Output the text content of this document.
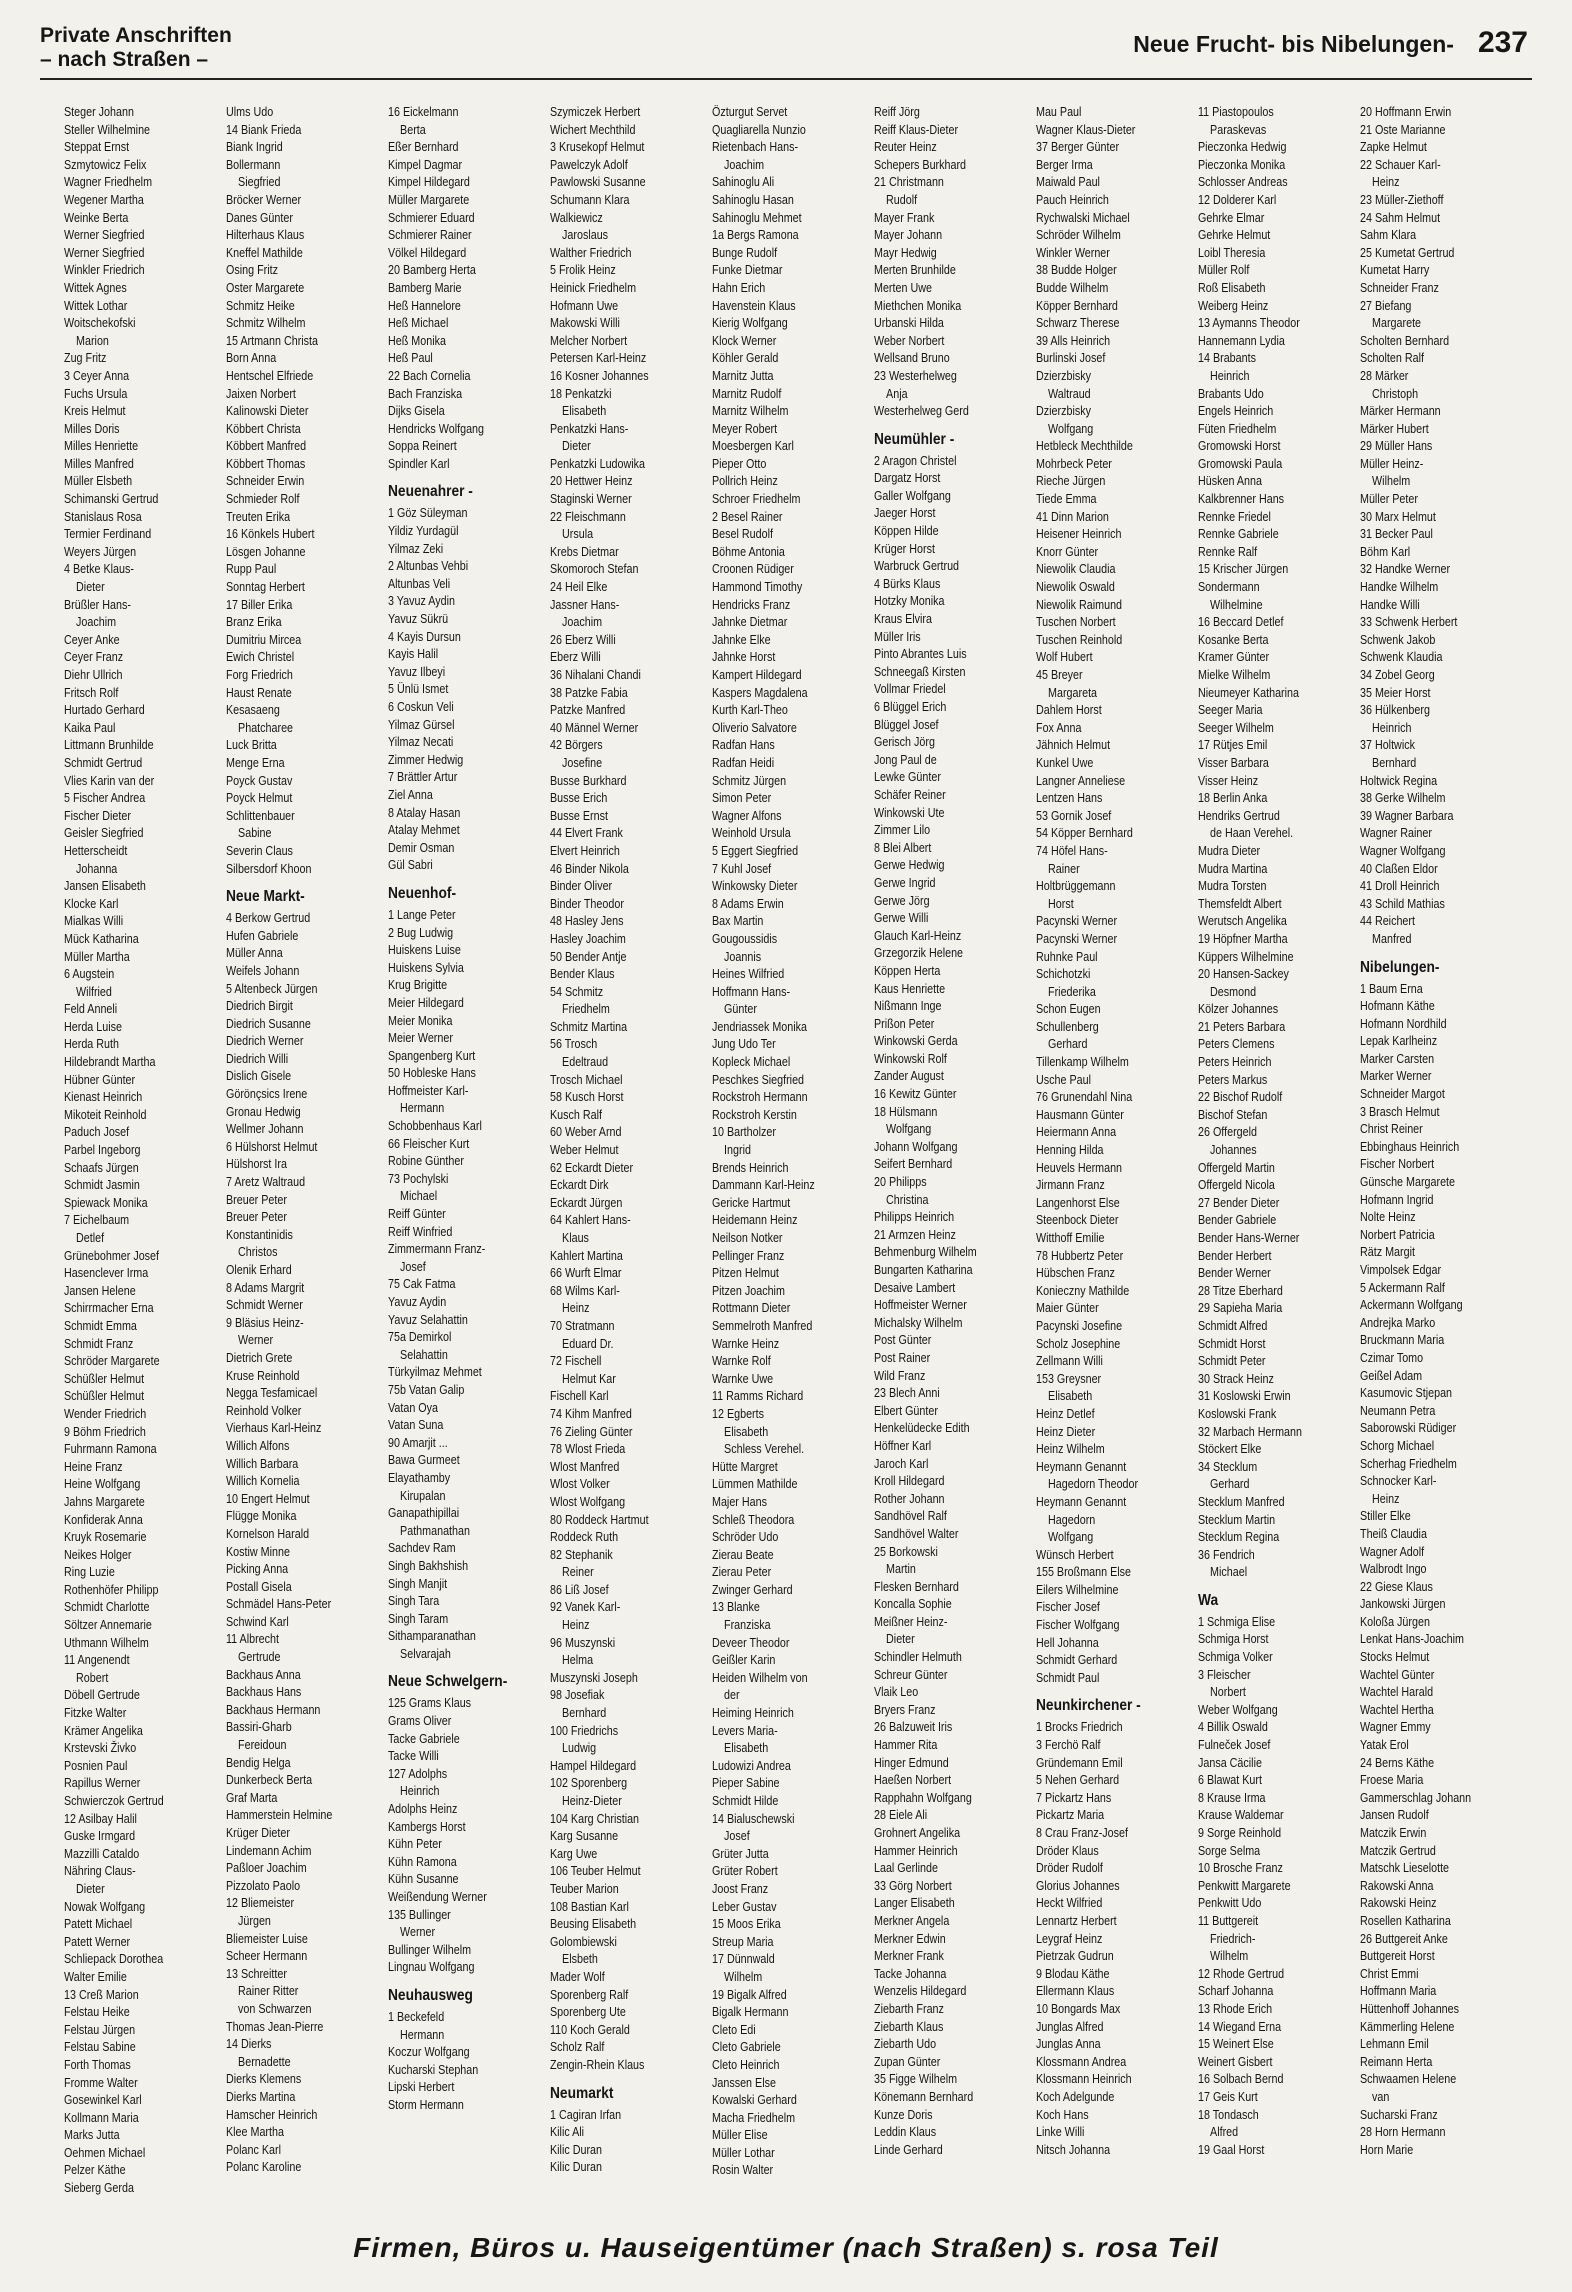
Private Anschriften
– nach Straßen –
Neue Frucht- bis Nibelungen- 237
Steger Johann
Steller Wilhelmine
Steppat Ernst
Szmytowicz Felix
Wagner Friedhelm
Wegener Martha
Weinke Berta
Werner Siegfried
Werner Siegfried
Winkler Friedrich
Wittek Agnes
Wittek Lothar
Woitschekofski
Marion
Zug Fritz
3 Ceyer Anna
Fuchs Ursula
Kreis Helmut
Milles Doris
Milles Henriette
Milles Manfred
Müller Elsbeth
Schimanski Gertrud
Stanislaus Rosa
Termier Ferdinand
Weyers Jürgen
4 Betke Klaus-
Dieter
Brüßler Hans-
Joachim
Ceyer Anke
Ceyer Franz
Diehr Ullrich
Fritsch Rolf
Hurtado Gerhard
Kaika Paul
Littmann Brunhilde
Schmidt Gertrud
Vlies Karin van der
5 Fischer Andrea
Fischer Dieter
Geisler Siegfried
Hetterscheidt
Johanna
Jansen Elisabeth
Klocke Karl
Mialkas Willi
Mück Katharina
Müller Martha
6 Augstein
Wilfried
Feld Anneli
Herda Luise
Herda Ruth
Hildebrandt Martha
Hübner Günter
Kienast Heinrich
Mikoteit Reinhold
Paduch Josef
Parbel Ingeborg
Schaafs Jürgen
Schmidt Jasmin
Spiewack Monika
7 Eichelbaum
Detlef
Grünebohmer Josef
Hasenclever Irma
Jansen Helene
Schirrmacher Erna
Schmidt Emma
Schmidt Franz
Schröder Margarete
Schüßler Helmut
Schüßler Helmut
Wender Friedrich
9 Böhm Friedrich
Fuhrmann Ramona
Heine Franz
Heine Wolfgang
Jahns Margarete
Konfiderak Anna
Kruyk Rosemarie
Neikes Holger
Ring Luzie
Rothenhöfer Philipp
Schmidt Charlotte
Söltzer Annemarie
Uthmann Wilhelm
11 Angenendt
Robert
Döbell Gertrude
Fitzke Walter
Krämer Angelika
Krstevski Živko
Posnien Paul
Rapillus Werner
Schwierczok Gertrud
12 Asilbay Halil
Guske Irmgard
Mazzilli Cataldo
Nähring Claus-
Dieter
Nowak Wolfgang
Patett Michael
Patett Werner
Schliepack Dorothea
Walter Emilie
13 Creß Marion
Felstau Heike
Felstau Jürgen
Felstau Sabine
Forth Thomas
Fromme Walter
Gosewinkel Karl
Kollmann Maria
Marks Jutta
Oehmen Michael
Pelzer Käthe
Sieberg Gerda
Ulms Udo
14 Biank Frieda
Biank Ingrid
Bollermann
Siegfried
Bröcker Werner
Danes Günter
Hilterhaus Klaus
Kneffel Mathilde
Osing Fritz
Oster Margarete
Schmitz Heike
Schmitz Wilhelm
15 Artmann Christa
Born Anna
Hentschel Elfriede
Jaixen Norbert
Kalinowski Dieter
Köbbert Christa
Köbbert Manfred
Köbbert Thomas
Schneider Erwin
Schmieder Rolf
Treuten Erika
16 Könkels Hubert
Lösgen Johanne
Rupp Paul
Sonntag Herbert
17 Biller Erika
Branz Erika
Dumitriu Mircea
Ewich Christel
Forg Friedrich
Haust Renate
Kesasaeng
Phatcharee
Luck Britta
Menge Erna
Poyck Gustav
Poyck Helmut
Schlittenbauer
Sabine
Severin Claus
Silbersdorf Khoon
Neue Markt-
4 Berkow Gertrud
Hufen Gabriele
Müller Anna
Weifels Johann
5 Altenbeck Jürgen
Diedrich Birgit
Diedrich Susanne
Diedrich Werner
Diedrich Willi
Dislich Gisele
Görönçsics Irene
Gronau Hedwig
Wellmer Johann
6 Hülshorst Helmut
Hülshorst Ira
7 Aretz Waltraud
Breuer Peter
Breuer Peter
Konstantinidis
Christos
Olenik Erhard
8 Adams Margrit
Schmidt Werner
9 Bläsius Heinz-
Werner
Dietrich Grete
Kruse Reinhold
Negga Tesfamicael
Reinhold Volker
Vierhaus Karl-Heinz
Willich Alfons
Willich Barbara
Willich Kornelia
10 Engert Helmut
Flügge Monika
Kornelson Harald
Kostiw Minne
Picking Anna
Postall Gisela
Schmädel Hans-Peter
Schwind Karl
11 Albrecht
Gertrude
Backhaus Anna
Backhaus Hans
Backhaus Hermann
Bassiri-Gharb
Fereidoun
Bendig Helga
Dunkerbeck Berta
Graf Marta
Hammerstein Helmine
Krüger Dieter
Lindemann Achim
Paßloer Joachim
Pizzolato Paolo
12 Bliemeister
Jürgen
Bliemeister Luise
Scheer Hermann
13 Schreitter
Rainer Ritter
von Schwarzen
Thomas Jean-Pierre
14 Dierks
Bernadette
Dierks Klemens
Dierks Martina
Hamscher Heinrich
Klee Martha
Polanc Karl
Polanc Karoline
16 Eickelmann
Berta
Eßer Bernhard
Kimpel Dagmar
Kimpel Hildegard
Müller Margarete
Schmierer Eduard
Schmierer Rainer
Völkel Hildegard
20 Bamberg Herta
Bamberg Marie
Heß Hannelore
Heß Michael
Heß Monika
Heß Paul
22 Bach Cornelia
Bach Franziska
Dijks Gisela
Hendricks Wolfgang
Soppa Reinert
Spindler Karl
Neuenahrer -
1 Göz Süleyman
Yildiz Yurdagül
Yilmaz Zeki
2 Altunbas Vehbi
Altunbas Veli
3 Yavuz Aydin
Yavuz Sükrü
4 Kayis Dursun
Kayis Halil
Yavuz Ilbeyi
5 Ünlü Ismet
6 Coskun Veli
Yilmaz Gürsel
Yilmaz Necati
Zimmer Hedwig
7 Brättler Artur
Ziel Anna
8 Atalay Hasan
Atalay Mehmet
Demir Osman
Gül Sabri
Neuenhof-
1 Lange Peter
2 Bug Ludwig
Huiskens Luise
Huiskens Sylvia
Krug Brigitte
Meier Hildegard
Meier Monika
Meier Werner
Spangenberg Kurt
50 Hobleske Hans
Hoffmeister Karl-
Hermann
Schobbenhaus Karl
66 Fleischer Kurt
Robine Günther
73 Pochylski
Michael
Reiff Günter
Reiff Winfried
Zimmermann Franz-
Josef
75 Cak Fatma
Yavuz Aydin
Yavuz Selahattin
75a Demirkol
Selahattin
Türkyilmaz Mehmet
75b Vatan Galip
Vatan Oya
Vatan Suna
90 Amarjit ...
Bawa Gurmeet
Elayathamby
Kirupalan
Ganapathipillai
Pathmanathan
Sachdev Ram
Singh Bakhshish
Singh Manjit
Singh Tara
Singh Taram
Sithamparanathan
Selvarajah
Neue Schwelgern-
125 Grams Klaus
Grams Oliver
Tacke Gabriele
Tacke Willi
127 Adolphs
Heinrich
Adolphs Heinz
Kambergs Horst
Kühn Peter
Kühn Ramona
Kühn Susanne
Weißendung Werner
135 Bullinger
Werner
Bullinger Wilhelm
Lingnau Wolfgang
Neuhausweg
1 Beckefeld
Hermann
Koczur Wolfgang
Kucharski Stephan
Lipski Herbert
Storm Hermann
Szymiczek Herbert
Wichert Mechthild
3 Krusekopf Helmut
Pawelczyk Adolf
Pawlowski Susanne
Schumann Klara
Walkiewicz
Jaroslaus
Walther Friedrich
5 Frolik Heinz
Heinick Friedhelm
Hofmann Uwe
Makowski Willi
Melcher Norbert
Petersen Karl-Heinz
16 Kosner Johannes
18 Penkatzki
Elisabeth
Penkatzki Hans-
Dieter
Penkatzki Ludowika
20 Hettwer Heinz
Staginski Werner
22 Fleischmann
Ursula
Krebs Dietmar
Skomoroch Stefan
24 Heil Elke
Jassner Hans-
Joachim
26 Eberz Willi
Eberz Willi
36 Nihalani Chandi
38 Patzke Fabia
Patzke Manfred
40 Männel Werner
42 Börgers
Josefine
Busse Burkhard
Busse Erich
Busse Ernst
44 Elvert Frank
Elvert Heinrich
46 Binder Nikola
Binder Oliver
Binder Theodor
48 Hasley Jens
Hasley Joachim
50 Bender Antje
Bender Klaus
54 Schmitz
Friedhelm
Schmitz Martina
56 Trosch
Edeltraud
Trosch Michael
58 Kusch Horst
Kusch Ralf
60 Weber Arnd
Weber Helmut
62 Eckardt Dieter
Eckardt Dirk
Eckardt Jürgen
64 Kahlert Hans-
Klaus
Kahlert Martina
66 Wurft Elmar
68 Wilms Karl-
Heinz
70 Stratmann
Eduard Dr.
72 Fischell
Helmut Kar
Fischell Karl
74 Kihm Manfred
76 Zieling Günter
78 Wlost Frieda
Wlost Manfred
Wlost Volker
Wlost Wolfgang
80 Roddeck Hartmut
Roddeck Ruth
82 Stephanik
Reiner
86 Liß Josef
92 Vanek Karl-
Heinz
96 Muszynski
Helma
Muszynski Joseph
98 Josefiak
Bernhard
100 Friedrichs
Ludwig
Hampel Hildegard
102 Sporenberg
Heinz-Dieter
104 Karg Christian
Karg Susanne
Karg Uwe
106 Teuber Helmut
Teuber Marion
108 Bastian Karl
Beusing Elisabeth
Golombiewski
Elsbeth
Mader Wolf
Sporenberg Ralf
Sporenberg Ute
110 Koch Gerald
Scholz Ralf
Zengin-Rhein Klaus
Neumarkt
1 Cagiran Irfan
Kilic Ali
Kilic Duran
Kilic Duran
Özturgut Servet
Quagliarella Nunzio
Rietenbach Hans-
Joachim
Sahinoglu Ali
Sahinoglu Hasan
Sahinoglu Mehmet
1a Bergs Ramona
Bunge Rudolf
Funke Dietmar
Hahn Erich
Havenstein Klaus
Kierig Wolfgang
Klock Werner
Köhler Gerald
Marnitz Jutta
Marnitz Rudolf
Marnitz Wilhelm
Meyer Robert
Moesbergen Karl
Pieper Otto
Pollrich Heinz
Schroer Friedhelm
2 Besel Rainer
Besel Rudolf
Böhme Antonia
Croonen Rüdiger
Hammond Timothy
Hendricks Franz
Jahnke Dietmar
Jahnke Elke
Jahnke Horst
Kampert Hildegard
Kaspers Magdalena
Kurth Karl-Theo
Oliverio Salvatore
Radfan Hans
Radfan Heidi
Schmitz Jürgen
Simon Peter
Wagner Alfons
Weinhold Ursula
5 Eggert Siegfried
7 Kuhl Josef
Winkowsky Dieter
8 Adams Erwin
Bax Martin
Gougoussidis
Joannis
Heines Wilfried
Hoffmann Hans-
Günter
Jendriassek Monika
Jung Udo Ter
Kopleck Michael
Peschkes Siegfried
Rockstroh Hermann
Rockstroh Kerstin
10 Bartholzer
Ingrid
Brends Heinrich
Dammann Karl-Heinz
Gericke Hartmut
Heidemann Heinz
Neilson Notker
Pellinger Franz
Pitzen Helmut
Pitzen Joachim
Rottmann Dieter
Semmelroth Manfred
Warnke Heinz
Warnke Rolf
Warnke Uwe
11 Ramms Richard
12 Egberts
Elisabeth
Schless Verehel.
Hütte Margret
Lümmen Mathilde
Majer Hans
Schleß Theodora
Schröder Udo
Zierau Beate
Zierau Peter
Zwinger Gerhard
13 Blanke
Franziska
Deveer Theodor
Geißler Karin
Heiden Wilhelm von
der
Heiming Heinrich
Levers Maria-
Elisabeth
Ludowizi Andrea
Pieper Sabine
Schmidt Hilde
14 Bialuschewski
Josef
Grüter Jutta
Grüter Robert
Joost Franz
Leber Gustav
15 Moos Erika
Streup Maria
17 Dünnwald
Wilhelm
19 Bigalk Alfred
Bigalk Hermann
Cleto Edi
Cleto Gabriele
Cleto Heinrich
Janssen Else
Kowalski Gerhard
Macha Friedhelm
Müller Elise
Müller Lothar
Rosin Walter
Reiff Jörg
Reiff Klaus-Dieter
Reuter Heinz
Schepers Burkhard
21 Christmann
Rudolf
Mayer Frank
Mayer Johann
Mayr Hedwig
Merten Brunhilde
Merten Uwe
Miethchen Monika
Urbanski Hilda
Weber Norbert
Wellsand Bruno
23 Westerhelweg
Anja
Westerhelweg Gerd
Neumühler -
2 Aragon Christel
Dargatz Horst
Galler Wolfgang
Jaeger Horst
Köppen Hilde
Krüger Horst
Warbruck Gertrud
4 Bürks Klaus
Hotzky Monika
Kraus Elvira
Müller Iris
Pinto Abrantes Luis
Schneegaß Kirsten
Vollmar Friedel
6 Blüggel Erich
Blüggel Josef
Gerisch Jörg
Jong Paul de
Lewke Günter
Schäfer Reiner
Winkowski Ute
Zimmer Lilo
8 Blei Albert
Gerwe Hedwig
Gerwe Ingrid
Gerwe Jörg
Gerwe Willi
Glauch Karl-Heinz
Grzegorzik Helene
Köppen Herta
Kaus Henriette
Nißmann Inge
Prißon Peter
Winkowski Gerda
Winkowski Rolf
Zander August
16 Kewitz Günter
18 Hülsmann
Wolfgang
Johann Wolfgang
Seifert Bernhard
20 Philipps
Christina
Philipps Heinrich
21 Armzen Heinz
Behmenburg Wilhelm
Bungarten Katharina
Desaive Lambert
Hoffmeister Werner
Michalsky Wilhelm
Post Günter
Post Rainer
Wild Franz
23 Blech Anni
Elbert Günter
Henkelüdecke Edith
Höffner Karl
Jaroch Karl
Kroll Hildegard
Rother Johann
Sandhövel Ralf
Sandhövel Walter
25 Borkowski
Martin
Flesken Bernhard
Koncalla Sophie
Meißner Heinz-
Dieter
Schindler Helmuth
Schreur Günter
Vlaik Leo
Bryers Franz
26 Balzuweit Iris
Hammer Rita
Hinger Edmund
Haeßen Norbert
Rapphahn Wolfgang
28 Eiele Ali
Grohnert Angelika
Hammer Heinrich
Laal Gerlinde
33 Görg Norbert
Langer Elisabeth
Merkner Angela
Merkner Edwin
Merkner Frank
Tacke Johanna
Wenzelis Hildegard
Ziebarth Franz
Ziebarth Klaus
Ziebarth Udo
Zupan Günter
35 Figge Wilhelm
Könemann Bernhard
Kunze Doris
Leddin Klaus
Linde Gerhard
Mau Paul
Wagner Klaus-Dieter
37 Berger Günter
Berger Irma
Maiwald Paul
Pauch Heinrich
Rychwalski Michael
Schröder Wilhelm
Winkler Werner
38 Budde Holger
Budde Wilhelm
Köpper Bernhard
Schwarz Therese
39 Alls Heinrich
Burlinski Josef
Dzierzbisky
Waltraud
Dzierzbisky
Wolfgang
Hetbleck Mechthilde
Mohrbeck Peter
Rieche Jürgen
Tiede Emma
41 Dinn Marion
Heisener Heinrich
Knorr Günter
Niewolik Claudia
Niewolik Oswald
Niewolik Raimund
Tuschen Norbert
Tuschen Reinhold
Wolf Hubert
45 Breyer
Margareta
Dahlem Horst
Fox Anna
Jähnich Helmut
Kunkel Uwe
Langner Anneliese
Lentzen Hans
53 Gornik Josef
54 Köpper Bernhard
74 Höfel Hans-
Rainer
Holtbrüggemann
Horst
Pacynski Werner
Pacynski Werner
Ruhnke Paul
Schichotzki
Friederika
Schon Eugen
Schullenberg
Gerhard
Tillenkamp Wilhelm
Usche Paul
76 Grunendahl Nina
Hausmann Günter
Heiermann Anna
Henning Hilda
Heuvels Hermann
Jirmann Franz
Langenhorst Else
Steenbock Dieter
Witthoff Emilie
78 Hubbertz Peter
Hübschen Franz
Konieczny Mathilde
Maier Günter
Pacynski Josefine
Scholz Josephine
Zellmann Willi
153 Greysner
Elisabeth
Heinz Detlef
Heinz Dieter
Heinz Wilhelm
Heymann Genannt
Hagedorn Theodor
Heymann Genannt
Hagedorn
Wolfgang
Wünsch Herbert
155 Broßmann Else
Eilers Wilhelmine
Fischer Josef
Fischer Wolfgang
Hell Johanna
Schmidt Gerhard
Schmidt Paul
Neunkirchener -
1 Brocks Friedrich
3 Ferchö Ralf
Gründemann Emil
5 Nehen Gerhard
7 Pickartz Hans
Pickartz Maria
8 Crau Franz-Josef
Dröder Klaus
Dröder Rudolf
Glorius Johannes
Heckt Wilfried
Lennartz Herbert
Leygraf Heinz
Pietrzak Gudrun
9 Blodau Käthe
Ellermann Klaus
10 Bongards Max
Junglas Alfred
Junglas Anna
Klossmann Andrea
Klossmann Heinrich
Koch Adelgunde
Koch Hans
Linke Willi
Nitsch Johanna
11 Piastopoulos
Paraskevas
Pieczonka Hedwig
Pieczonka Monika
Schlosser Andreas
12 Dolderer Karl
Gehrke Elmar
Gehrke Helmut
Loibl Theresia
Müller Rolf
Roß Elisabeth
Weiberg Heinz
13 Aymanns Theodor
Hannemann Lydia
14 Brabants
Heinrich
Brabants Udo
Engels Heinrich
Füten Friedhelm
Gromowski Horst
Gromowski Paula
Hüsken Anna
Kalkbrenner Hans
Rennke Friedel
Rennke Gabriele
Rennke Ralf
15 Krischer Jürgen
Sondermann
Wilhelmine
16 Beccard Detlef
Kosanke Berta
Kramer Günter
Mielke Wilhelm
Nieumeyer Katharina
Seeger Maria
Seeger Wilhelm
17 Rütjes Emil
Visser Barbara
Visser Heinz
18 Berlin Anka
Hendriks Gertrud
de Haan Verehel.
Mudra Dieter
Mudra Martina
Mudra Torsten
Themsfeldt Albert
Werutsch Angelika
19 Höpfner Martha
Küppers Wilhelmine
20 Hansen-Sackey
Desmond
Kölzer Johannes
21 Peters Barbara
Peters Clemens
Peters Heinrich
Peters Markus
22 Bischof Rudolf
Bischof Stefan
26 Offergeld
Johannes
Offergeld Martin
Offergeld Nicola
27 Bender Dieter
Bender Gabriele
Bender Hans-Werner
Bender Herbert
Bender Werner
28 Titze Eberhard
29 Sapieha Maria
Schmidt Alfred
Schmidt Horst
Schmidt Peter
30 Strack Heinz
31 Koslowski Erwin
Koslowski Frank
32 Marbach Hermann
Stöckert Elke
34 Stecklum
Gerhard
Stecklum Manfred
Stecklum Martin
Stecklum Regina
36 Fendrich
Michael
Wa
1 Schmiga Elise
Schmiga Horst
Schmiga Volker
3 Fleischer
Norbert
Weber Wolfgang
4 Billik Oswald
Fulneček Josef
Jansa Cäcilie
6 Blawat Kurt
8 Krause Irma
Krause Waldemar
9 Sorge Reinhold
Sorge Selma
10 Brosche Franz
Penkwitt Margarete
Penkwitt Udo
11 Buttgereit
Friedrich-
Wilhelm
12 Rhode Gertrud
Scharf Johanna
13 Rhode Erich
14 Wiegand Erna
15 Weinert Else
Weinert Gisbert
16 Solbach Bernd
17 Geis Kurt
18 Tondasch
Alfred
19 Gaal Horst
20 Hoffmann Erwin
21 Oste Marianne
Zapke Helmut
22 Schauer Karl-
Heinz
23 Müller-Ziethoff
24 Sahm Helmut
Sahm Klara
25 Kumetat Gertrud
Kumetat Harry
Schneider Franz
27 Biefang
Margarete
Scholten Bernhard
Scholten Ralf
28 Märker
Christoph
Märker Hermann
Märker Hubert
29 Müller Hans
Müller Heinz-
Wilhelm
Müller Peter
30 Marx Helmut
31 Becker Paul
Böhm Karl
32 Handke Werner
Handke Wilhelm
Handke Willi
33 Schwenk Herbert
Schwenk Jakob
Schwenk Klaudia
34 Zobel Georg
35 Meier Horst
36 Hülkenberg
Heinrich
37 Holtwick
Bernhard
Holtwick Regina
38 Gerke Wilhelm
39 Wagner Barbara
Wagner Rainer
Wagner Wolfgang
40 Claßen Eldor
41 Droll Heinrich
43 Schild Mathias
44 Reichert
Manfred
Nibelungen-
1 Baum Erna
Hofmann Käthe
Hofmann Nordhild
Lepak Karlheinz
Marker Carsten
Marker Werner
Schneider Margot
3 Brasch Helmut
Christ Reiner
Ebbinghaus Heinrich
Fischer Norbert
Günsche Margarete
Hofmann Ingrid
Nolte Heinz
Norbert Patricia
Rätz Margit
Vimpolsek Edgar
5 Ackermann Ralf
Ackermann Wolfgang
Andrejka Marko
Bruckmann Maria
Czimar Tomo
Geißel Adam
Kasumovic Stjepan
Neumann Petra
Saborowski Rüdiger
Schorg Michael
Scherhag Friedhelm
Schnocker Karl-
Heinz
Stiller Elke
Theiß Claudia
Wagner Adolf
Walbrodt Ingo
22 Giese Klaus
Jankowski Jürgen
Koloßa Jürgen
Lenkat Hans-Joachim
Stocks Helmut
Wachtel Günter
Wachtel Harald
Wachtel Hertha
Wagner Emmy
Yatak Erol
24 Berns Käthe
Froese Maria
Gammerschlag Johann
Jansen Rudolf
Matczik Erwin
Matczik Gertrud
Matschk Lieselotte
Rakowski Anna
Rakowski Heinz
Rosellen Katharina
26 Buttgereit Anke
Buttgereit Horst
Christ Emmi
Hoffmann Maria
Hüttenhoff Johannes
Kämmerling Helene
Lehmann Emil
Reimann Herta
Schwaamen Helene
van
Sucharski Franz
28 Horn Hermann
Horn Marie
Firmen, Büros u. Hauseigentümer (nach Straßen) s. rosa Teil
